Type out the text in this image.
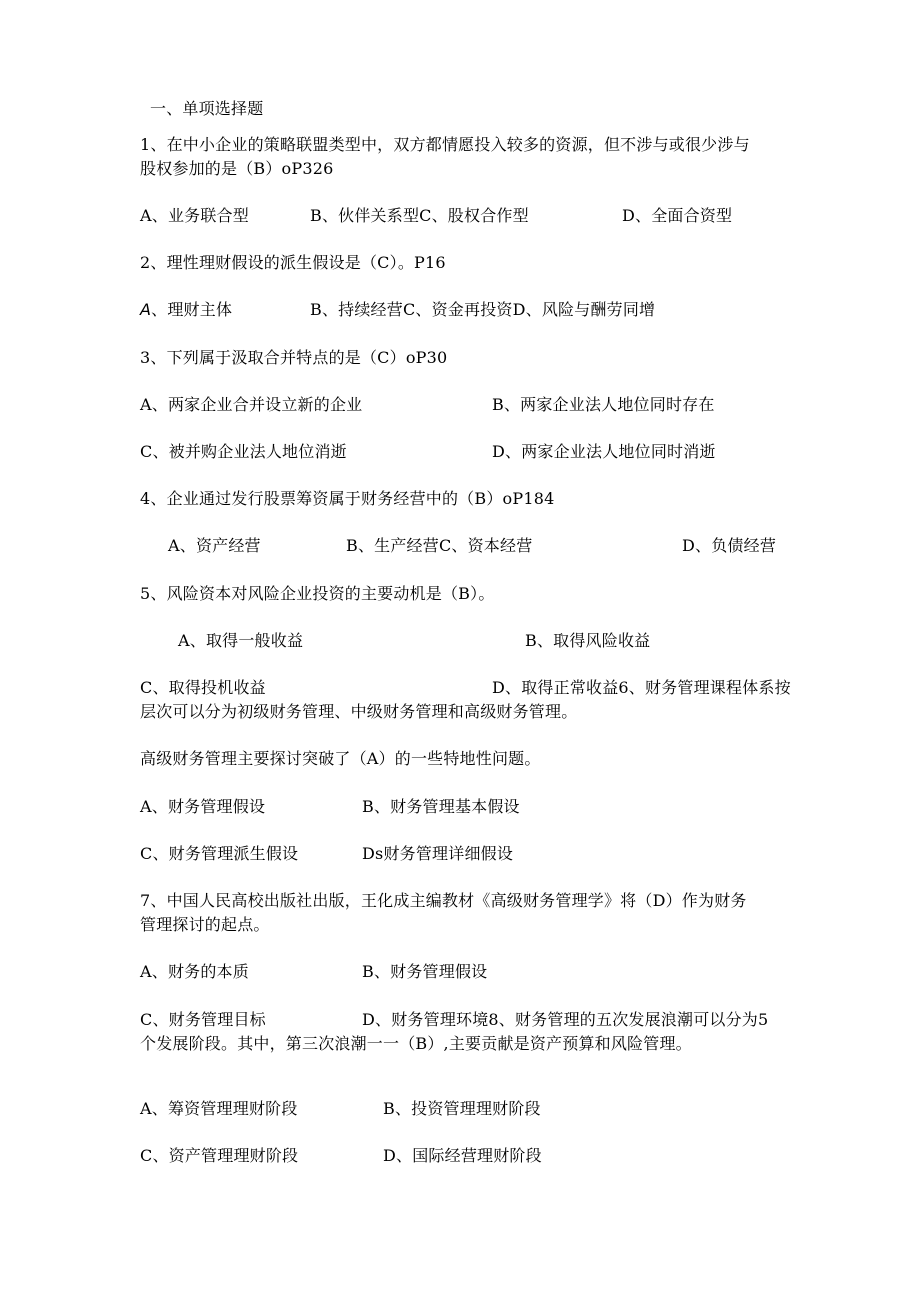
一、单项选择题
1、在中小企业的策略联盟类型中，双方都情愿投入较多的资源，但不涉与或很少涉与
股权参加的是（B）oP326
A、业务联合型	B、伙伴关系型C、股权合作型	D、全面合资型
2、理性理财假设的派生假设是（C）。P16
A、理财主体	B、持续经营C、资金再投资D、风险与酬劳同增
3、下列属于汲取合并特点的是（C）oP30
A、两家企业合并设立新的企业	B、两家企业法人地位同时存在
C、被并购企业法人地位消逝	D、两家企业法人地位同时消逝
4、企业通过发行股票筹资属于财务经营中的（B）oP184
A、资产经营	B、生产经营C、资本经营	D、负债经营
5、风险资本对风险企业投资的主要动机是（B）。
A、取得一般收益	B、取得风险收益
C、取得投机收益	D、取得正常收益6、财务管理课程体系按
层次可以分为初级财务管理、中级财务管理和高级财务管理。
高级财务管理主要探讨突破了（A）的一些特地性问题。
A、财务管理假设	B、财务管理基本假设
C、财务管理派生假设	Ds财务管理详细假设
7、中国人民高校出版社出版，王化成主编教材《高级财务管理学》将（D）作为财务
管理探讨的起点。
A、财务的本质	B、财务管理假设
C、财务管理目标	D、财务管理环境8、财务管理的五次发展浪潮可以分为5
个发展阶段。其中，第三次浪潮一一（B）,主要贡献是资产预算和风险管理。
A、筹资管理理财阶段	B、投资管理理财阶段
C、资产管理理财阶段	D、国际经营理财阶段
